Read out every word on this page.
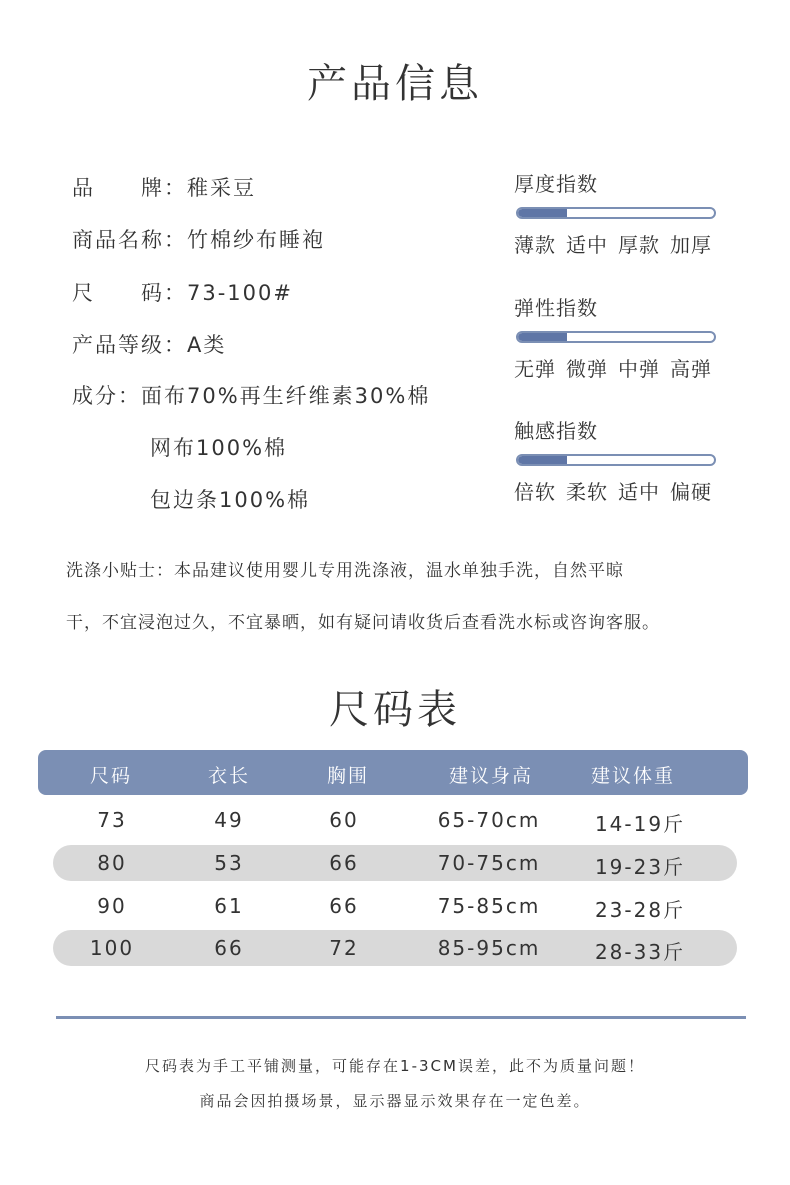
产品信息
品　　牌：稚采豆
商品名称：竹棉纱布睡袍
尺　　码：73-100#
产品等级：A类
成分：面布70%再生纤维素30%棉
网布100%棉
包边条100%棉
厚度指数
薄款 适中 厚款 加厚
弹性指数
无弹 微弹 中弹 高弹
触感指数
倍软 柔软 适中 偏硬
洗涤小贴士：本品建议使用婴儿专用洗涤液，温水单独手洗，自然平晾
干，不宜浸泡过久，不宜暴晒，如有疑问请收货后查看洗水标或咨询客服。
尺码表
尺码	衣长	胸围	建议身高	建议体重
73	49	60	65-70cm	14-19斤
80	53	66	70-75cm	19-23斤
90	61	66	75-85cm	23-28斤
100	66	72	85-95cm	28-33斤
尺码表为手工平铺测量，可能存在1-3CM误差，此不为质量问题！
商品会因拍摄场景，显示器显示效果存在一定色差。
